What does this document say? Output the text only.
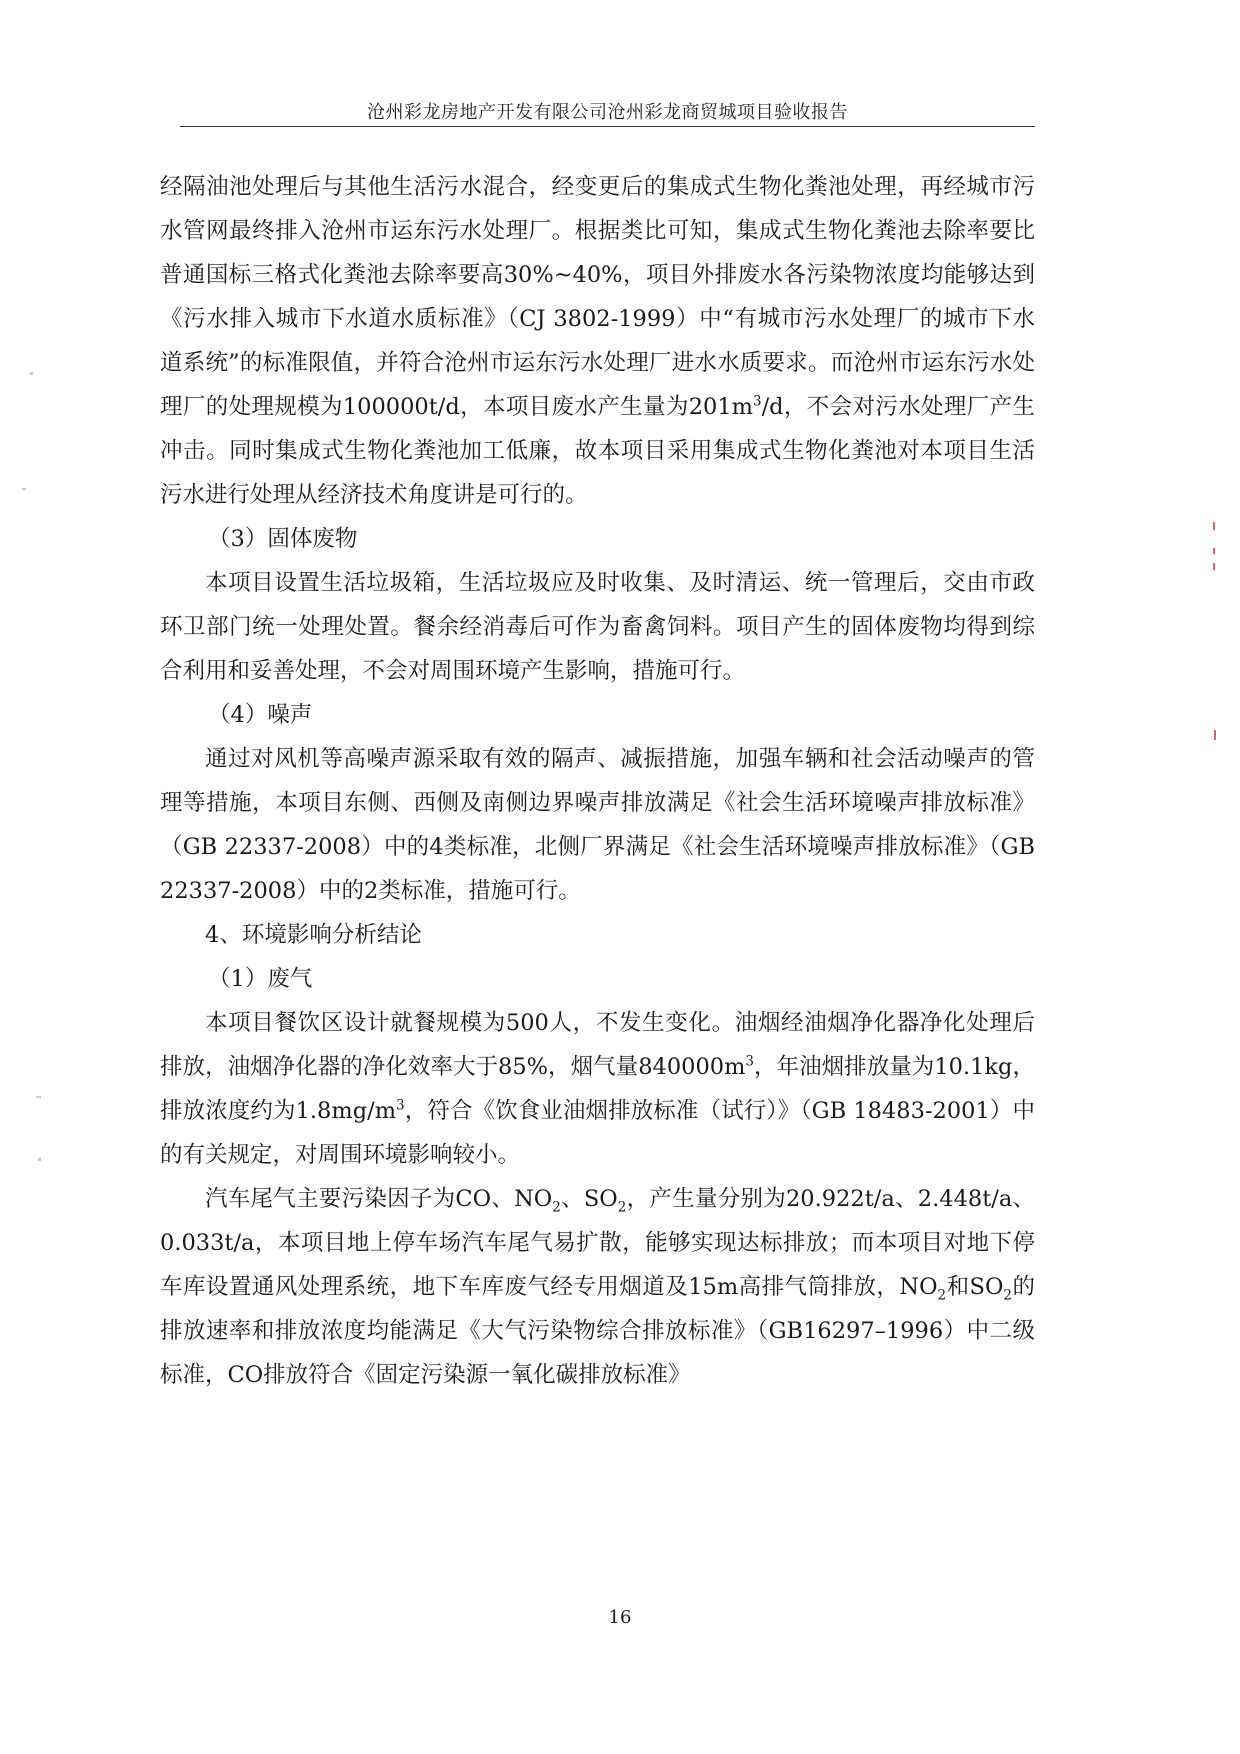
沧州彩龙房地产开发有限公司沧州彩龙商贸城项目验收报告

经隔油池处理后与其他生活污水混合，经变更后的集成式生物化粪池处理，再经城市污水管网最终排入沧州市运东污水处理厂。根据类比可知，集成式生物化粪池去除率要比普通国标三格式化粪池去除率要高30%~40%，项目外排废水各污染物浓度均能够达到《污水排入城市下水道水质标准》（CJ 3802-1999）中“有城市污水处理厂的城市下水道系统”的标准限值，并符合沧州市运东污水处理厂进水水质要求。而沧州市运东污水处理厂的处理规模为100000t/d，本项目废水产生量为$201m^3/d$，不会对污水处理厂产生冲击。同时集成式生物化粪池加工低廉，故本项目采用集成式生物化粪池对本项目生活污水进行处理从经济技术角度讲是可行的。

（3）固体废物

本项目设置生活垃圾箱，生活垃圾应及时收集、及时清运、统一管理后，交由市政环卫部门统一处理处置。餐余经消毒后可作为畜禽饲料。项目产生的固体废物均得到综合利用和妥善处理，不会对周围环境产生影响，措施可行。

（4）噪声

通过对风机等高噪声源采取有效的隔声、减振措施，加强车辆和社会活动噪声的管理等措施，本项目东侧、西侧及南侧边界噪声排放满足《社会生活环境噪声排放标准》（GB 22337-2008）中的4类标准，北侧厂界满足《社会生活环境噪声排放标准》（GB 22337-2008）中的2类标准，措施可行。

4、环境影响分析结论

（1）废气

本项目餐饮区设计就餐规模为500人，不发生变化。油烟经油烟净化器净化处理后排放，油烟净化器的净化效率大于85%，烟气量$840000m^3$，年油烟排放量为10.1kg，排放浓度约为$1.8mg/m^3$，符合《饮食业油烟排放标准（试行）》（GB 18483-2001）中的有关规定，对周围环境影响较小。

汽车尾气主要污染因子为CO、$NO_2$、$SO_2$，产生量分别为20.922t/a、2.448t/a、0.033t/a，本项目地上停车场汽车尾气易扩散，能够实现达标排放；而本项目对地下停车库设置通风处理系统，地下车库废气经专用烟道及15m高排气筒排放，$NO_2$和$SO_2$的排放速率和排放浓度均能满足《大气污染物综合排放标准》（GB16297–1996）中二级标准，CO排放符合《固定污染源一氧化碳排放标准》

16
